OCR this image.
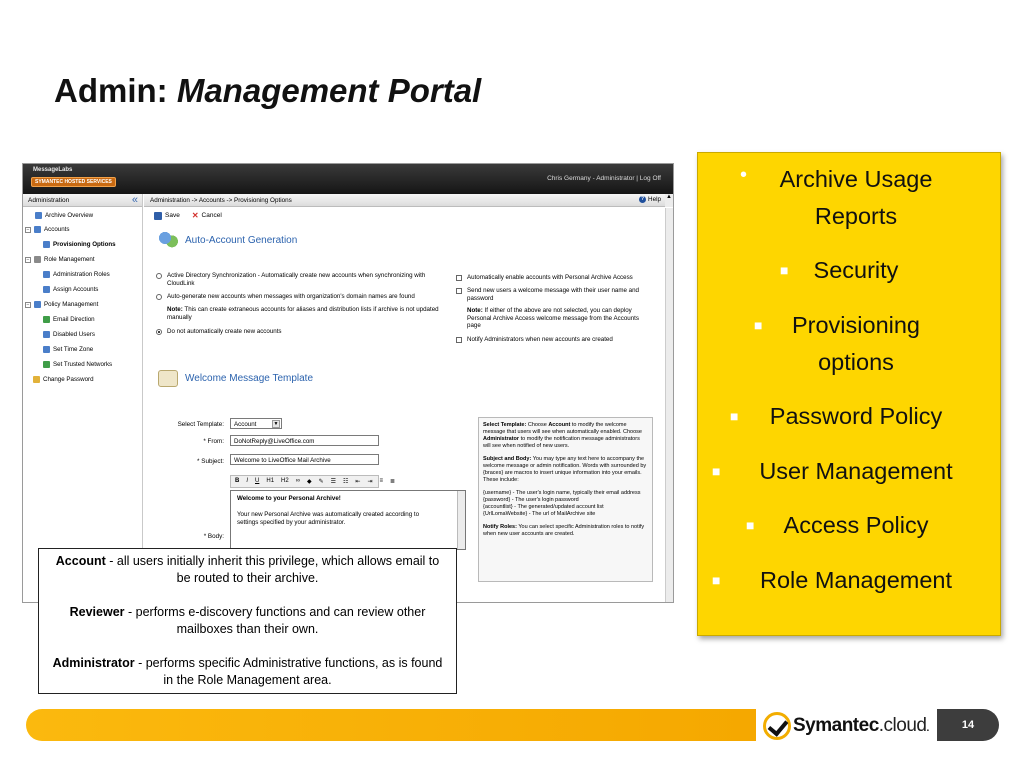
Admin: Management Portal
MessageLabs
SYMANTEC HOSTED SERVICES	Chris Germany - Administrator | Log Off
Administration	«
Archive Overview
− Accounts
Provisioning Options
− Role Management
Administration Roles
Assign Accounts
− Policy Management
Email Direction
Disabled Users
Set Time Zone
Set Trusted Networks
Change Password
Administration -> Accounts -> Provisioning Options	? Help ▲
Save ✕ Cancel
Auto-Account Generation
Active Directory Synchronization - Automatically create new accounts when synchronizing with CloudLink
Auto-generate new accounts when messages with organization's domain names are found
Note: This can create extraneous accounts for aliases and distribution lists if archive is not updated manually
Do not automatically create new accounts
Automatically enable accounts with Personal Archive Access
Send new users a welcome message with their user name and password
Note: If either of the above are not selected, you can deploy Personal Archive Access welcome message from the Accounts page
Notify Administrators when new accounts are created
Welcome Message Template
Select Template:	Account	▼
* From:	DoNotReply@LiveOffice.com
* Subject:	Welcome to LiveOffice Mail Archive
* Body:
B I U H1 H2 ∞ ◆ ✎ ☰ ☷ ⇤ ⇥ ≡ ≣
Welcome to your Personal Archive!
Your new Personal Archive was automatically created according to settings specified by your administrator.

Select Template: Choose Account to modify the welcome message that users will see when automatically enabled. Choose Administrator to modify the notification message administrators will see when notified of new users.

Subject and Body: You may type any text here to accompany the welcome message or admin notification. Words with surrounded by {braces} are macros to insert unique information into your emails. These include:

{username} - The user's login name, typically their email address
{password} - The user's login password
{accountlist} - The generated/updated account list
{UrlLomaWebsite} - The url of MailArchive site

Notify Roles: You can select specific Administration roles to notify when new user accounts are created.

Account - all users initially inherit this privilege, which allows email to be routed to their archive.

Reviewer - performs e-discovery functions and can review other mailboxes than their own.

Administrator - performs specific Administrative functions, as is found in the Role Management area.

• Archive Usage
Reports
■ Security
■ Provisioning
options
■ Password Policy
■ User Management
■ Access Policy
■ Role Management
Symantec.cloud.	14
